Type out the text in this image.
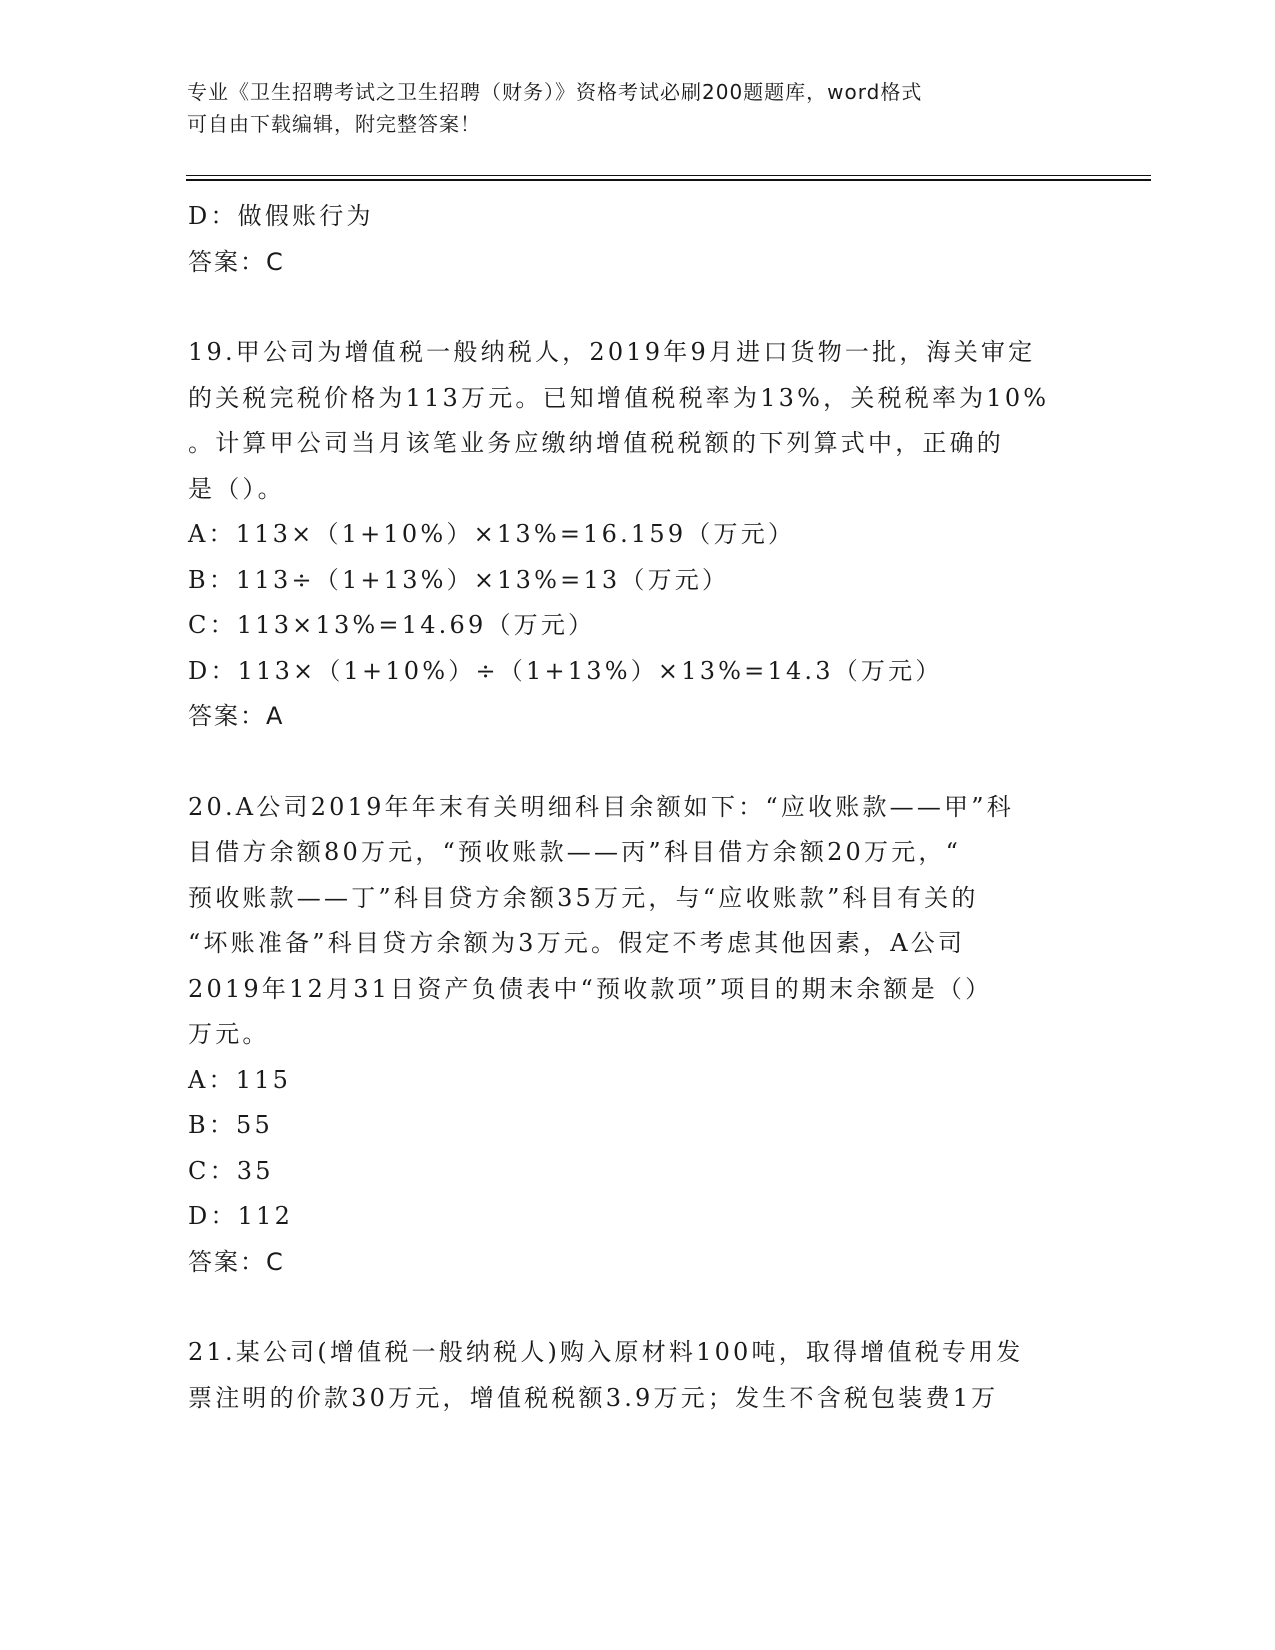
专业《卫生招聘考试之卫生招聘（财务）》资格考试必刷200题题库，word格式
可自由下载编辑，附完整答案！
D：做假账行为
答案：C
19.甲公司为增值税一般纳税人，2019年9月进口货物一批，海关审定
的关税完税价格为113万元。已知增值税税率为13%，关税税率为10%
。计算甲公司当月该笔业务应缴纳增值税税额的下列算式中，正确的
是（）。
A：113×（1+10%）×13%=16.159（万元）
B：113÷（1+13%）×13%=13（万元）
C：113×13%=14.69（万元）
D：113×（1+10%）÷（1+13%）×13%=14.3（万元）
答案：A
20.A公司2019年年末有关明细科目余额如下：“应收账款——甲”科
目借方余额80万元，“预收账款——丙”科目借方余额20万元，“
预收账款——丁”科目贷方余额35万元，与“应收账款”科目有关的
“坏账准备”科目贷方余额为3万元。假定不考虑其他因素，A公司
2019年12月31日资产负债表中“预收款项”项目的期末余额是（）
万元。
A：115
B：55
C：35
D：112
答案：C
21.某公司(增值税一般纳税人)购入原材料100吨，取得增值税专用发
票注明的价款30万元，增值税税额3.9万元；发生不含税包装费1万
